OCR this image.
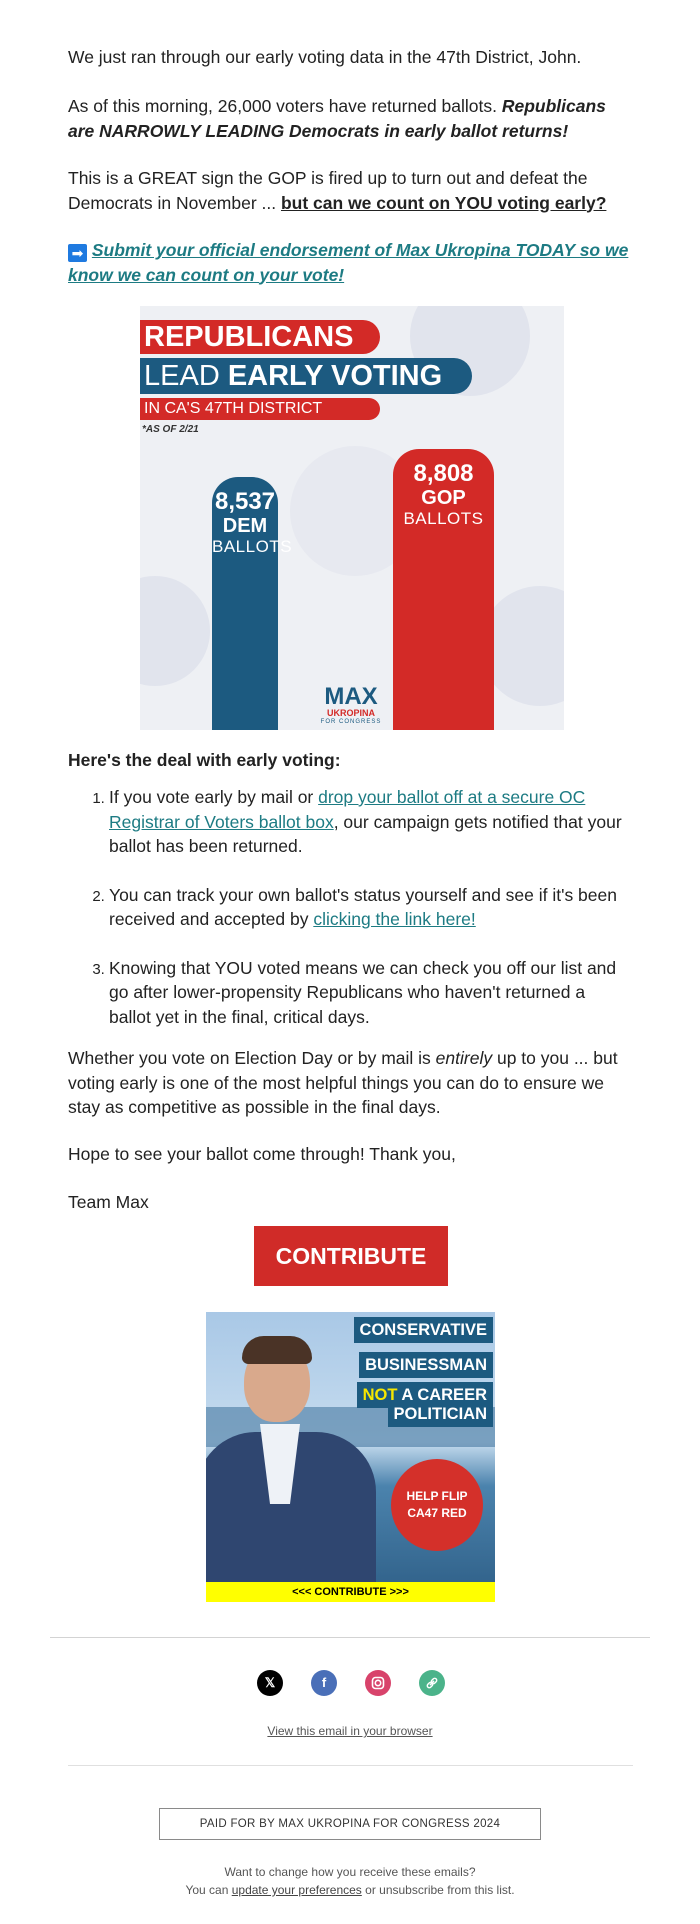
We just ran through our early voting data in the 47th District, John.

As of this morning, 26,000 voters have returned ballots. Republicans are NARROWLY LEADING Democrats in early ballot returns!

This is a GREAT sign the GOP is fired up to turn out and defeat the Democrats in November ... but can we count on YOU voting early?

➡ Submit your official endorsement of Max Ukropina TODAY so we know we can count on your vote!

REPUBLICANS
LEAD EARLY VOTING
IN CA'S 47TH DISTRICT
*AS OF 2/21
8,537
DEM
BALLOTS
8,808
GOP
BALLOTS
MAX
UKROPINA
FOR CONGRESS
Here's the deal with early voting:
1. If you vote early by mail or drop your ballot off at a secure OC Registrar of Voters ballot box, our campaign gets notified that your ballot has been returned.
2. You can track your own ballot's status yourself and see if it's been received and accepted by clicking the link here!
3. Knowing that YOU voted means we can check you off our list and go after lower-propensity Republicans who haven't returned a ballot yet in the final, critical days.

Whether you vote on Election Day or by mail is entirely up to you ... but voting early is one of the most helpful things you can do to ensure we stay as competitive as possible in the final days.

Hope to see your ballot come through! Thank you,

Team Max

CONTRIBUTE
CONSERVATIVE
BUSINESSMAN
NOT A CAREER
POLITICIAN
HELP FLIP CA47 RED
<<< CONTRIBUTE >>>
𝕏	f
View this email in your browser
PAID FOR BY MAX UKROPINA FOR CONGRESS 2024
Want to change how you receive these emails?
You can update your preferences or unsubscribe from this list.
